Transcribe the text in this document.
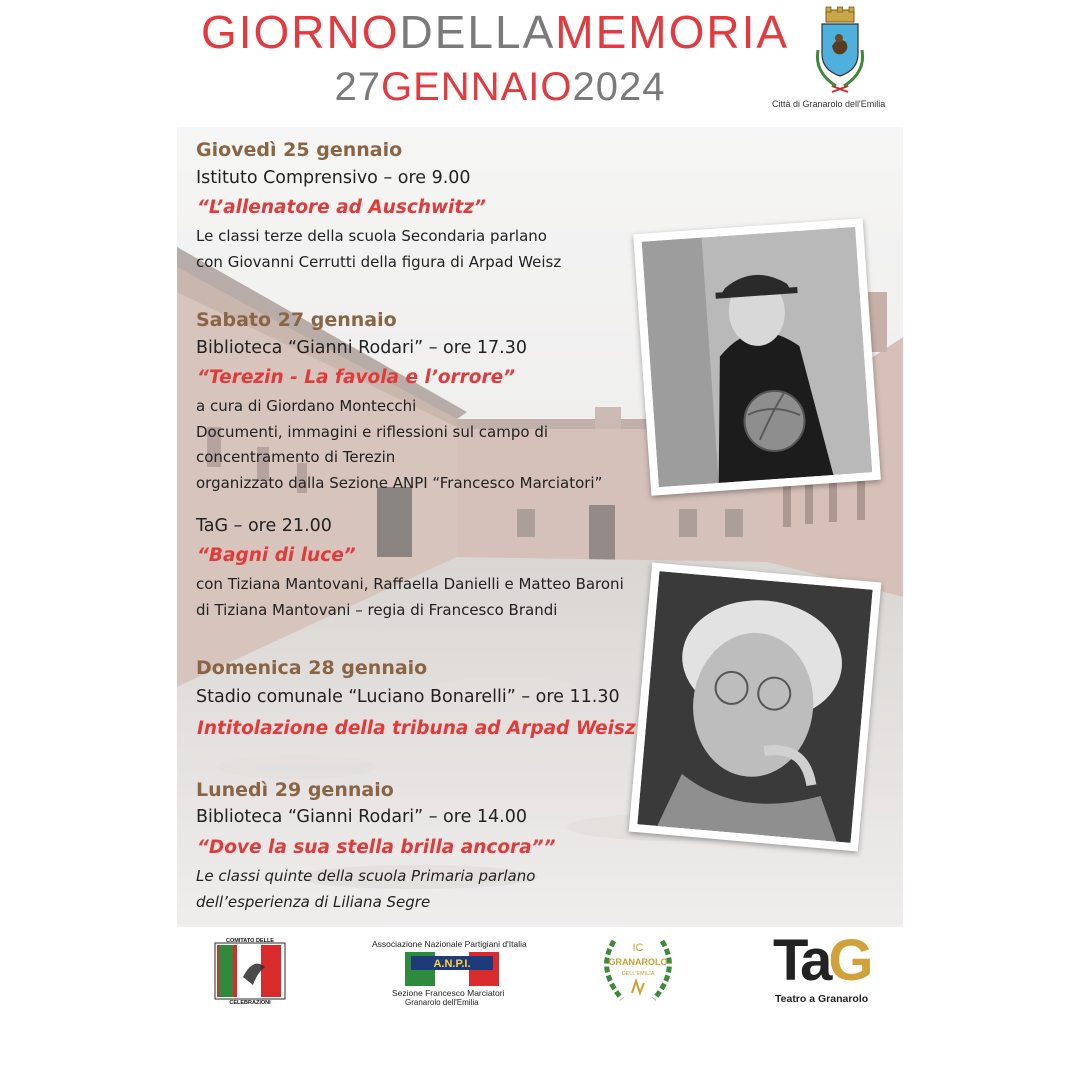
GIORNODELLAMEMORIA
27GENNAIO2024	Città di Granarolo dell'Emilia
Giovedì 25 gennaio
Istituto Comprensivo – ore 9.00
“L’allenatore ad Auschwitz”
Le classi terze della scuola Secondaria parlano
con Giovanni Cerrutti della figura di Arpad Weisz
Sabato 27 gennaio
Biblioteca “Gianni Rodari” – ore 17.30
“Terezin - La favola e l’orrore”
a cura di Giordano Montecchi
Documenti, immagini e riflessioni sul campo di
concentramento di Terezin
organizzato dalla Sezione ANPI “Francesco Marciatori”
TaG – ore 21.00
“Bagni di luce”
con Tiziana Mantovani, Raffaella Danielli e Matteo Baroni
di Tiziana Mantovani – regia di Francesco Brandi
Domenica 28 gennaio
Stadio comunale “Luciano Bonarelli” – ore 11.30
Intitolazione della tribuna ad Arpad Weisz
Lunedì 29 gennaio
Biblioteca “Gianni Rodari” – ore 14.00
“Dove la sua stella brilla ancora””
Le classi quinte della scuola Primaria parlano
dell’esperienza di Liliana Segre
COMITATO DELLE
CELEBRAZIONI
Associazione Nazionale Partigiani d'Italia
A.N.P.I.
Sezione Francesco Marciatori
Granarolo dell'Emilia
IC
GRANAROLO
DELL'EMILIA TaG
Teatro a Granarolo
